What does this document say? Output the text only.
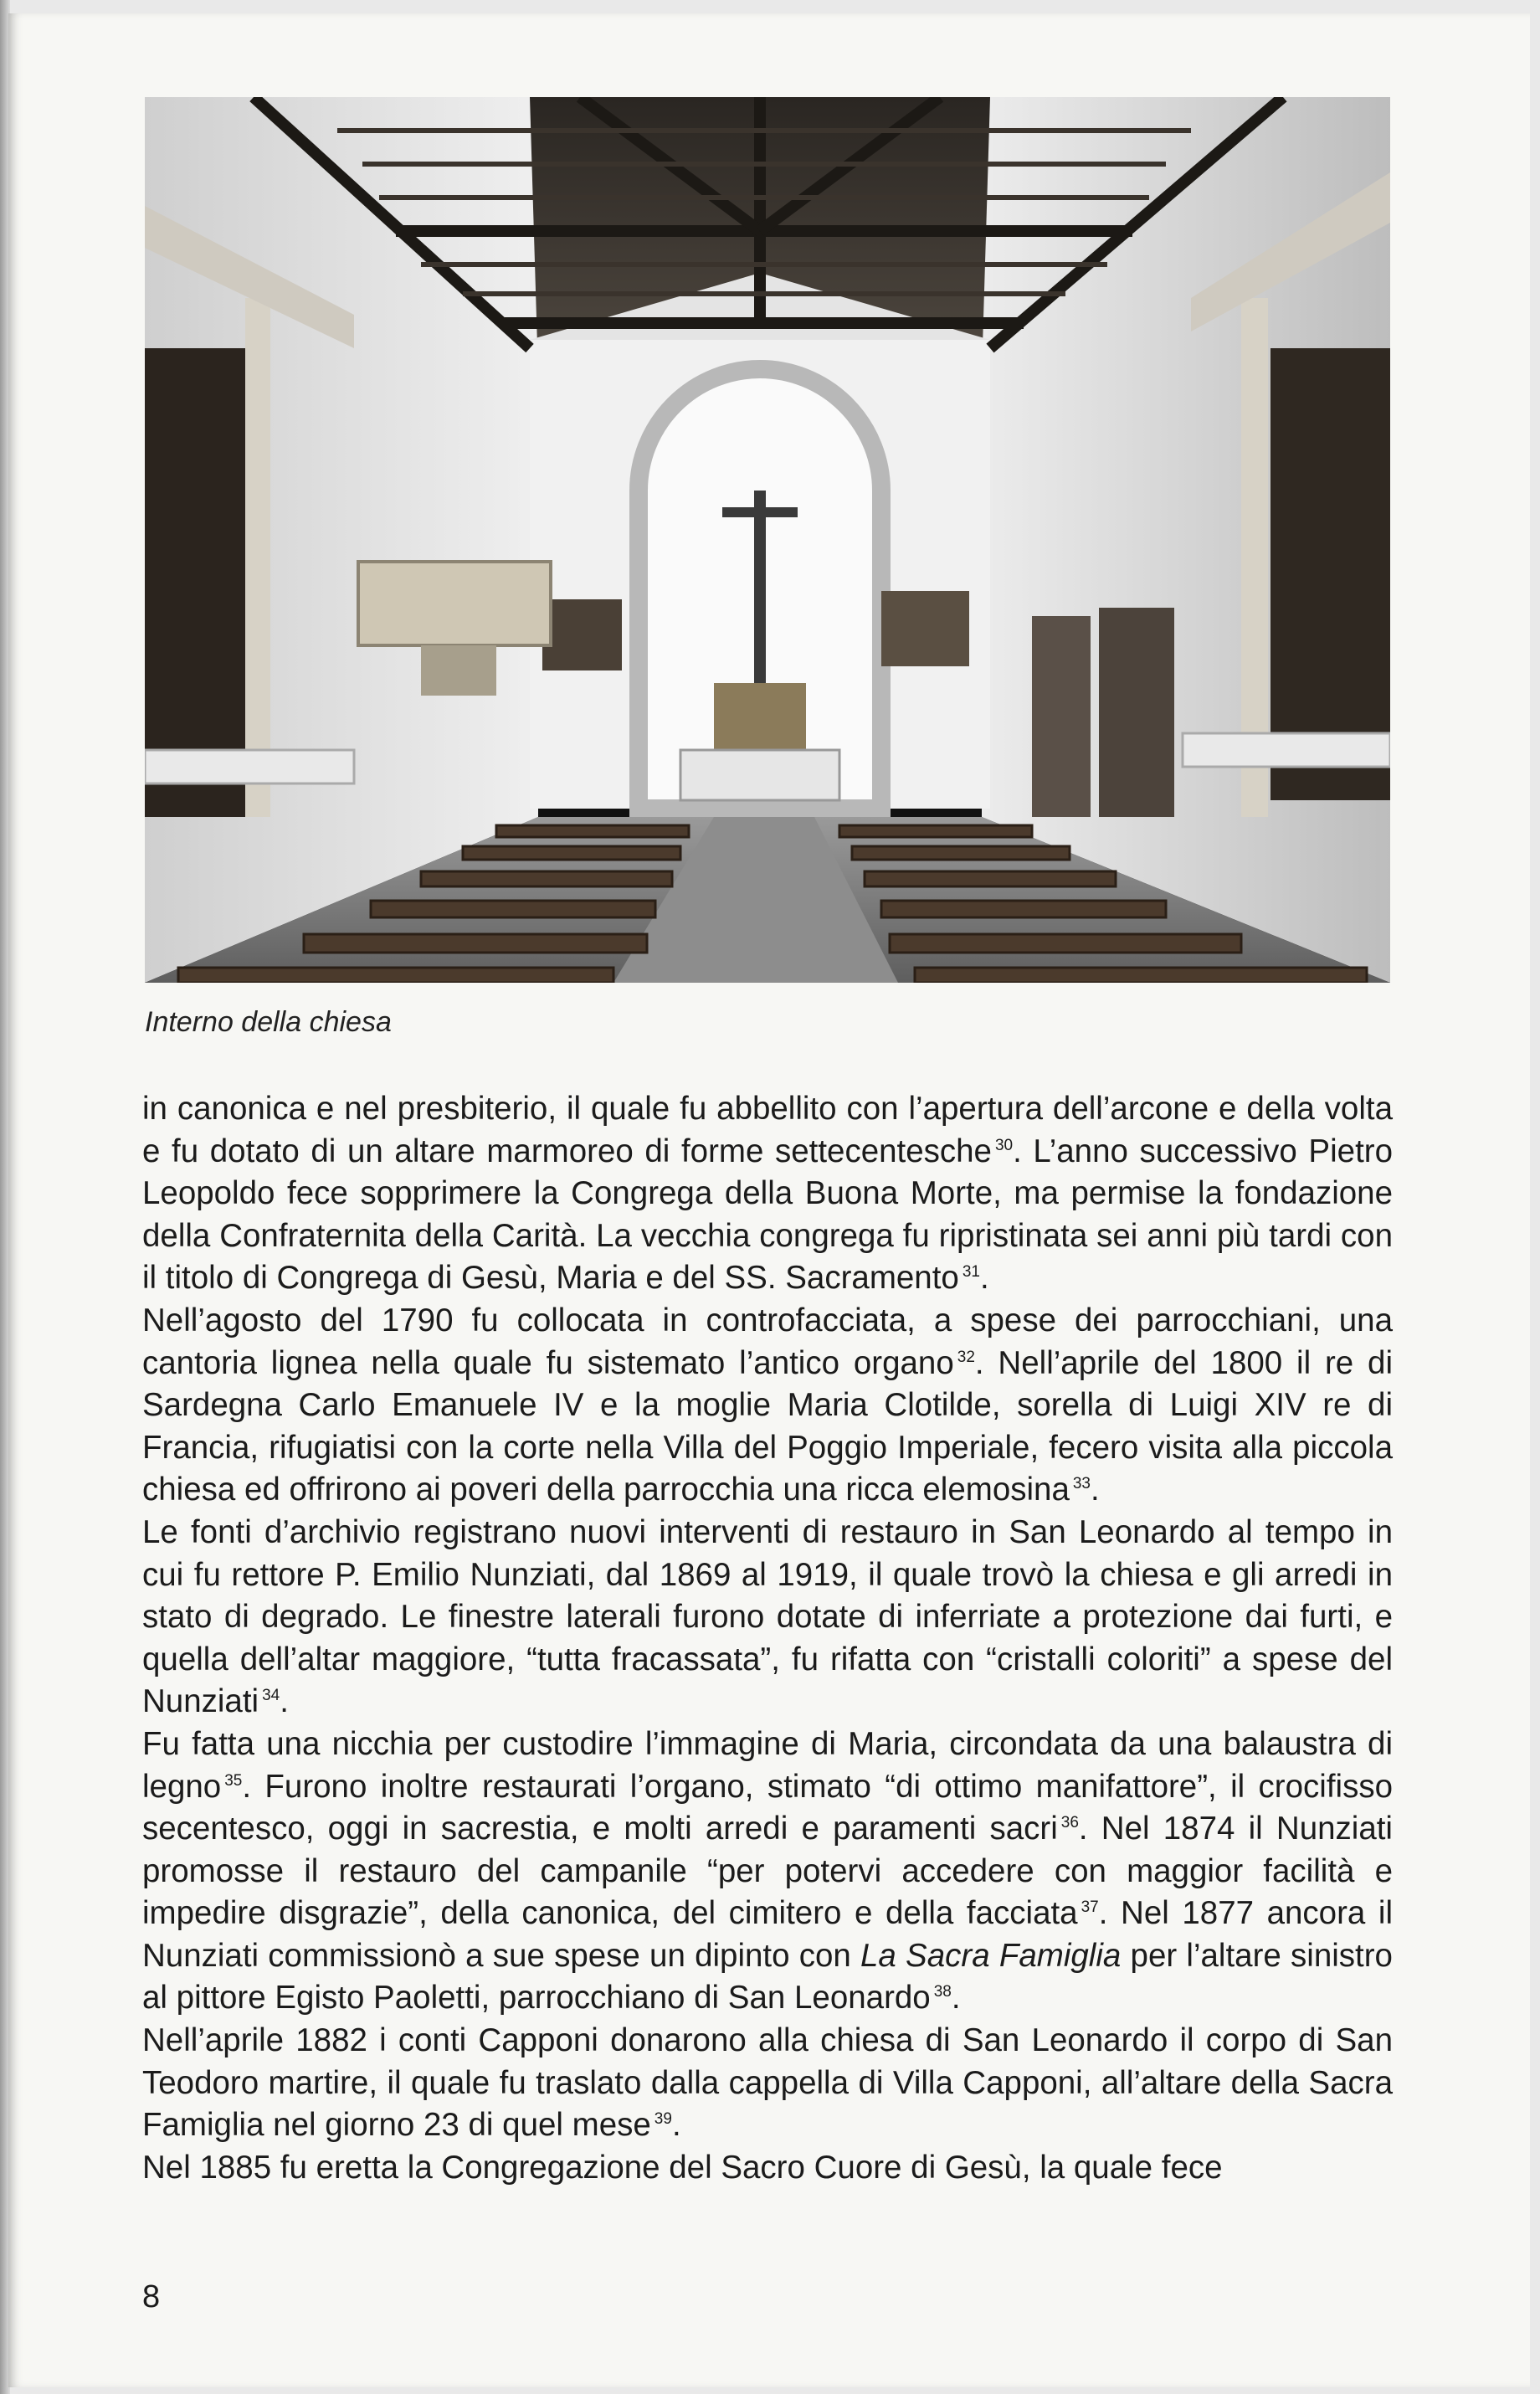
Interno della chiesa

in canonica e nel presbiterio, il quale fu abbellito con l’apertura dell’arcone e della volta e fu dotato di un altare marmoreo di forme settecentesche $^{30}$. L’anno successivo Pietro Leopoldo fece sopprimere la Congrega della Buona Morte, ma permise la fondazione della Confraternita della Carità. La vecchia congrega fu ripristinata sei anni più tardi con il titolo di Congrega di Gesù, Maria e del SS. Sacramento $^{31}$.

Nell’agosto del 1790 fu collocata in controfacciata, a spese dei parrocchiani, una cantoria lignea nella quale fu sistemato l’antico organo $^{32}$. Nell’aprile del 1800 il re di Sardegna Carlo Emanuele IV e la moglie Maria Clotilde, sorella di Luigi XIV re di Francia, rifugiatisi con la corte nella Villa del Poggio Imperiale, fecero visita alla piccola chiesa ed offrirono ai poveri della parrocchia una ricca elemosina $^{33}$.

Le fonti d’archivio registrano nuovi interventi di restauro in San Leonardo al tempo in cui fu rettore P. Emilio Nunziati, dal 1869 al 1919, il quale trovò la chiesa e gli arredi in stato di degrado. Le finestre laterali furono dotate di inferriate a protezione dai furti, e quella dell’altar maggiore, “tutta fracassata”, fu rifatta con “cristalli coloriti” a spese del Nunziati $^{34}$.

Fu fatta una nicchia per custodire l’immagine di Maria, circondata da una balaustra di legno $^{35}$. Furono inoltre restaurati l’organo, stimato “di ottimo manifattore”, il crocifisso secentesco, oggi in sacrestia, e molti arredi e paramenti sacri $^{36}$. Nel 1874 il Nunziati promosse il restauro del campanile “per potervi accedere con maggior facilità e impedire disgrazie”, della canonica, del cimitero e della facciata $^{37}$. Nel 1877 ancora il Nunziati commissionò a sue spese un dipinto con La Sacra Famiglia per l’altare sinistro al pittore Egisto Paoletti, parrocchiano di San Leonardo $^{38}$.

Nell’aprile 1882 i conti Capponi donarono alla chiesa di San Leonardo il corpo di San Teodoro martire, il quale fu traslato dalla cappella di Villa Capponi, all’altare della Sacra Famiglia nel giorno 23 di quel mese $^{39}$.

Nel 1885 fu eretta la Congregazione del Sacro Cuore di Gesù, la quale fece

8
